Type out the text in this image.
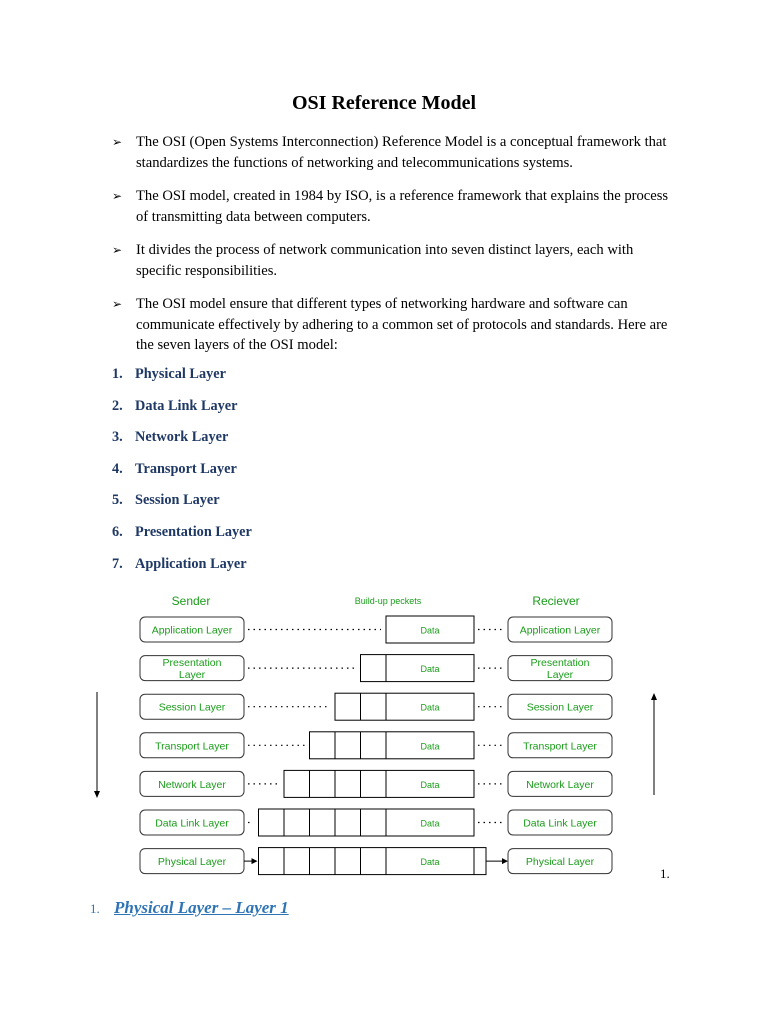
OSI Reference Model
➢ The OSI (Open Systems Interconnection) Reference Model is a conceptual framework that standardizes the functions of networking and telecommunications systems.
➢ The OSI model, created in 1984 by ISO, is a reference framework that explains the process of transmitting data between computers.
➢ It divides the process of network communication into seven distinct layers, each with specific responsibilities.
➢ The OSI model ensure that different types of networking hardware and software can communicate effectively by adhering to a common set of protocols and standards. Here are the seven layers of the OSI model:
1. Physical Layer
2. Data Link Layer
3. Network Layer
4. Transport Layer
5. Session Layer
6. Presentation Layer
7. Application Layer
Sender	Build-up peckets	Reciever
Application Layer	Application Layer
Data
Presentation
Layer
Presentation
Layer
Data
Session Layer	Session Layer
Data
Transport Layer	Transport Layer
Data
Network Layer	Network Layer
Data
Data Link Layer	Data Link Layer
Data
Physical Layer	Physical Layer
Data
1.
1. Physical Layer – Layer 1
